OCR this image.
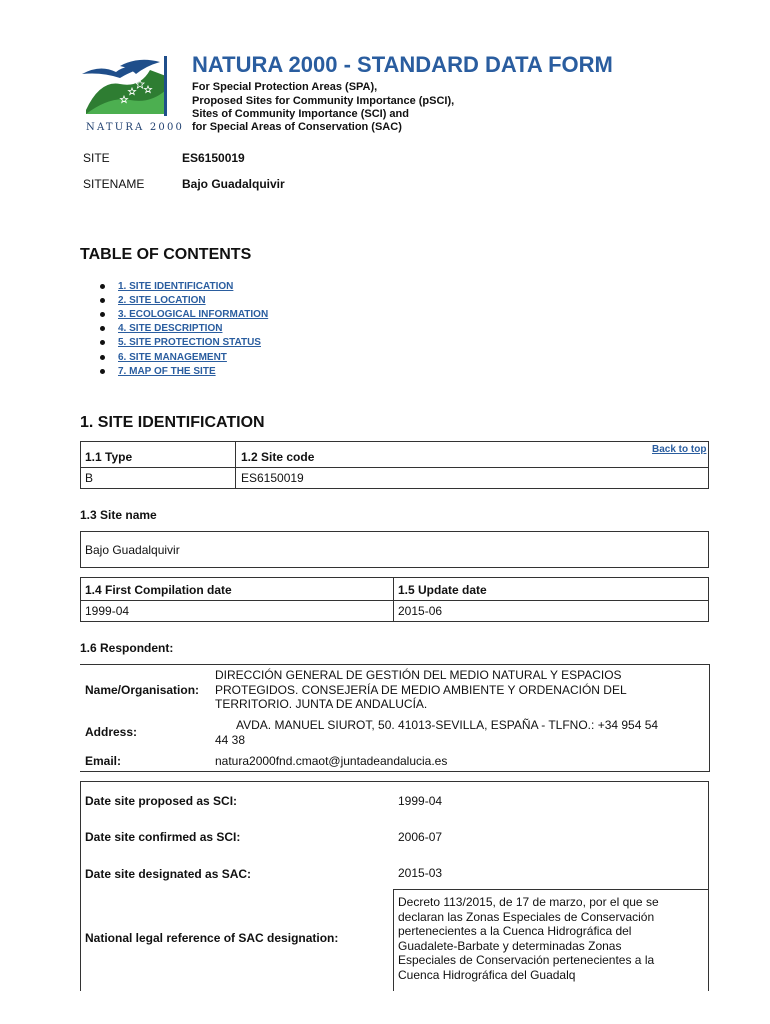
NATURA 2000
NATURA 2000 - STANDARD DATA FORM
For Special Protection Areas (SPA),
Proposed Sites for Community Importance (pSCI),
Sites of Community Importance (SCI) and
for Special Areas of Conservation (SAC)
SITE	ES6150019
SITENAME	Bajo Guadalquivir
TABLE OF CONTENTS
1. SITE IDENTIFICATION
2. SITE LOCATION
3. ECOLOGICAL INFORMATION
4. SITE DESCRIPTION
5. SITE PROTECTION STATUS
6. SITE MANAGEMENT
7. MAP OF THE SITE
1. SITE IDENTIFICATION
Back to top
1.1 Type	1.2 Site code
B	ES6150019
1.3 Site name
Bajo Guadalquivir
1.4 First Compilation date	1.5 Update date
1999-04	2015-06
1.6 Respondent:
Name/Organisation:
DIRECCIÓN GENERAL DE GESTIÓN DEL MEDIO NATURAL Y ESPACIOS
PROTEGIDOS. CONSEJERÍA DE MEDIO AMBIENTE Y ORDENACIÓN DEL
TERRITORIO. JUNTA DE ANDALUCÍA.
Address:	AVDA. MANUEL SIUROT, 50. 41013-SEVILLA, ESPAÑA - TLFNO.: +34 954 54
44 38
Email:	natura2000fnd.cmaot@juntadeandalucia.es
Date site proposed as SCI:	1999-04
Date site confirmed as SCI:	2006-07
Date site designated as SAC:	2015-03
National legal reference of SAC designation:
Decreto 113/2015, de 17 de marzo, por el que se
declaran las Zonas Especiales de Conservación
pertenecientes a la Cuenca Hidrográfica del
Guadalete-Barbate y determinadas Zonas
Especiales de Conservación pertenecientes a la
Cuenca Hidrográfica del Guadalq
